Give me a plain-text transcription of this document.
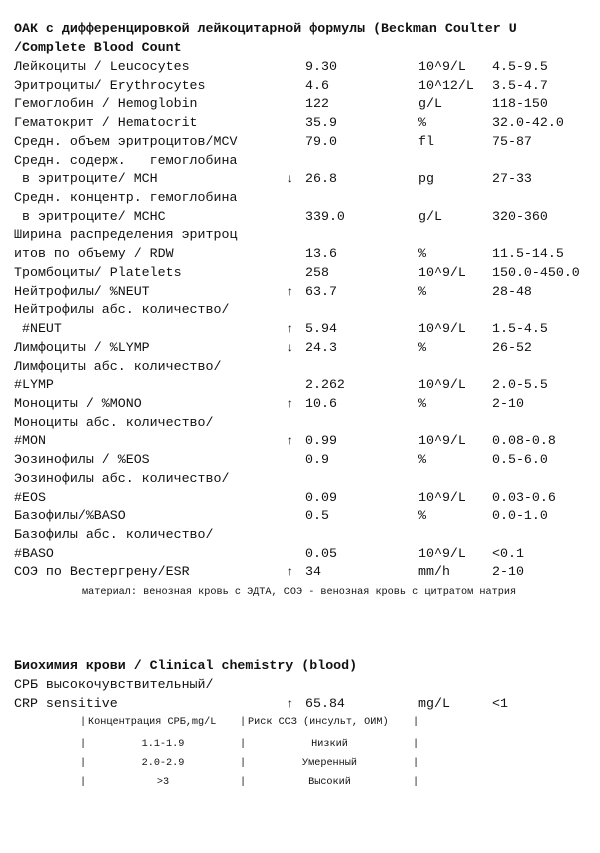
ОАК с дифференцировкой лейкоцитарной формулы (Beckman Coulter U
/Complete Blood Count
Лейкоциты / Leucocytes	9.30	10^9/L 4.5-9.5
Эритроциты/ Erythrocytes	4.6	10^12/L 3.5-4.7
Гемоглобин / Hemoglobin	122	g/L	118-150
Гематокрит / Hematocrit	35.9	%	32.0-42.0
Средн. объем эритроцитов/MCV	79.0	fl	75-87
Средн. содерж.   гемоглобина
в эритроците/ MCH	↓ 26.8	pg	27-33
Средн. концентр. гемоглобина
в эритроците/ MCHC	339.0	g/L	320-360
Ширина распределения эритроц
итов по объему / RDW	13.6	%	11.5-14.5
Тромбоциты/ Platelets	258	10^9/L 150.0-450.0
Нейтрофилы/ %NEUT	↑ 63.7	%	28-48
Нейтрофилы абс. количество/
#NEUT	↑ 5.94	10^9/L 1.5-4.5
Лимфоциты / %LYMP	↓ 24.3	%	26-52
Лимфоциты абс. количество/
#LYMP	2.262	10^9/L 2.0-5.5
Моноциты / %MONO	↑ 10.6	%	2-10
Моноциты абс. количество/
#MON	↑ 0.99	10^9/L 0.08-0.8
Эозинофилы / %EOS	0.9	%	0.5-6.0
Эозинофилы абс. количество/
#EOS	0.09	10^9/L 0.03-0.6
Базофилы/%BASO	0.5	%	0.0-1.0
Базофилы абс. количество/
#BASO	0.05	10^9/L <0.1
СОЭ по Вестергрену/ESR	↑ 34	mm/h	2-10
материал: венозная кровь с ЭДТА, СОЭ - венозная кровь с цитратом натрия
Биохимия крови / Clinical chemistry (blood)
СРБ высокочувствительный/
CRP sensitive	↑ 65.84	mg/L	<1
| Концентрация СРБ,mg/L | Риск ССЗ (инсульт, ОИМ) |
|	1.1-1.9	|	Низкий	|
|	2.0-2.9	|	Умеренный	|
|	>3	|	Высокий	|
